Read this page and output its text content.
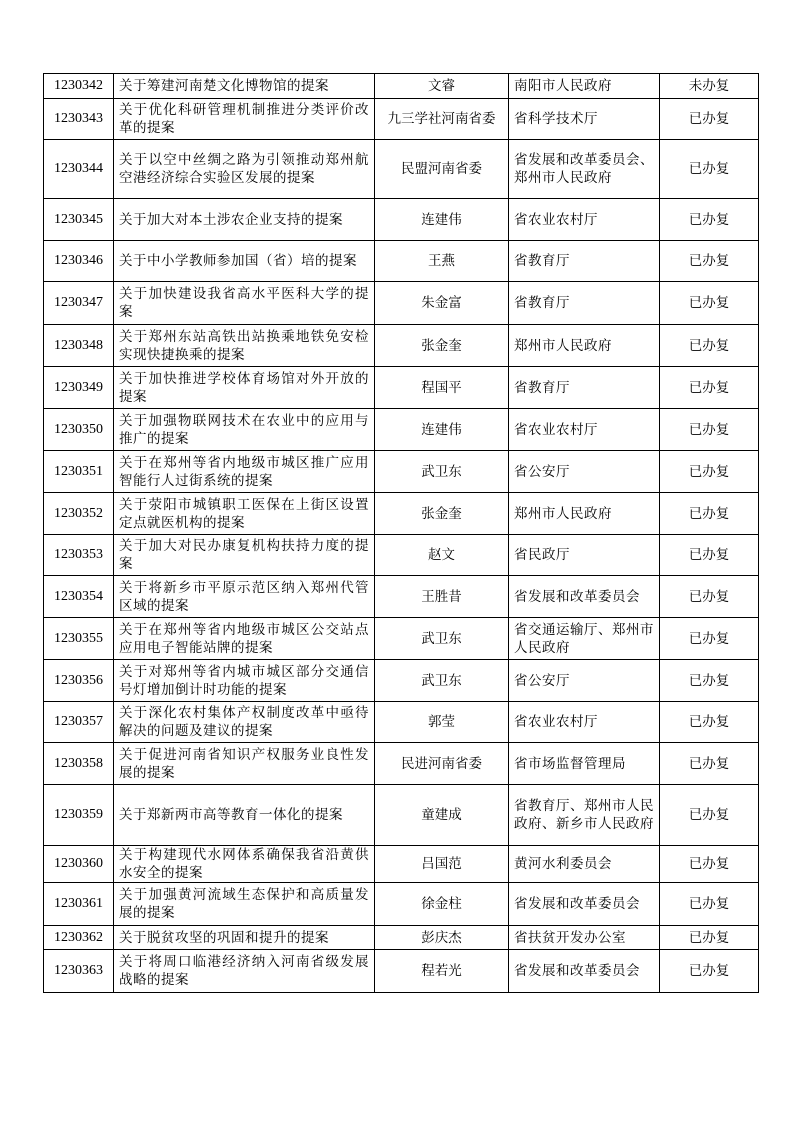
1230342	关于筹建河南楚文化博物馆的提案	文睿	南阳市人民政府	未办复
1230343	关于优化科研管理机制推进分类评价改革的提案	九三学社河南省委	省科学技术厅	已办复
1230344	关于以空中丝绸之路为引领推动郑州航空港经济综合实验区发展的提案	民盟河南省委	省发展和改革委员会、郑州市人民政府	已办复
1230345	关于加大对本土涉农企业支持的提案	连建伟	省农业农村厅	已办复
1230346	关于中小学教师参加国（省）培的提案	王燕	省教育厅	已办复
1230347	关于加快建设我省高水平医科大学的提案	朱金富	省教育厅	已办复
1230348	关于郑州东站高铁出站换乘地铁免安检实现快捷换乘的提案	张金奎	郑州市人民政府	已办复
1230349	关于加快推进学校体育场馆对外开放的提案	程国平	省教育厅	已办复
1230350	关于加强物联网技术在农业中的应用与推广的提案	连建伟	省农业农村厅	已办复
1230351	关于在郑州等省内地级市城区推广应用智能行人过街系统的提案	武卫东	省公安厅	已办复
1230352	关于荥阳市城镇职工医保在上街区设置定点就医机构的提案	张金奎	郑州市人民政府	已办复
1230353	关于加大对民办康复机构扶持力度的提案	赵文	省民政厅	已办复
1230354	关于将新乡市平原示范区纳入郑州代管区域的提案	王胜昔	省发展和改革委员会	已办复
1230355	关于在郑州等省内地级市城区公交站点应用电子智能站牌的提案	武卫东	省交通运输厅、郑州市人民政府	已办复
1230356	关于对郑州等省内城市城区部分交通信号灯增加倒计时功能的提案	武卫东	省公安厅	已办复
1230357	关于深化农村集体产权制度改革中亟待解决的问题及建议的提案	郭莹	省农业农村厅	已办复
1230358	关于促进河南省知识产权服务业良性发展的提案	民进河南省委	省市场监督管理局	已办复
1230359	关于郑新两市高等教育一体化的提案	童建成	省教育厅、郑州市人民政府、新乡市人民政府	已办复
1230360	关于构建现代水网体系确保我省沿黄供水安全的提案	吕国范	黄河水利委员会	已办复
1230361	关于加强黄河流域生态保护和高质量发展的提案	徐金柱	省发展和改革委员会	已办复
1230362	关于脱贫攻坚的巩固和提升的提案	彭庆杰	省扶贫开发办公室	已办复
1230363	关于将周口临港经济纳入河南省级发展战略的提案	程若光	省发展和改革委员会	已办复
